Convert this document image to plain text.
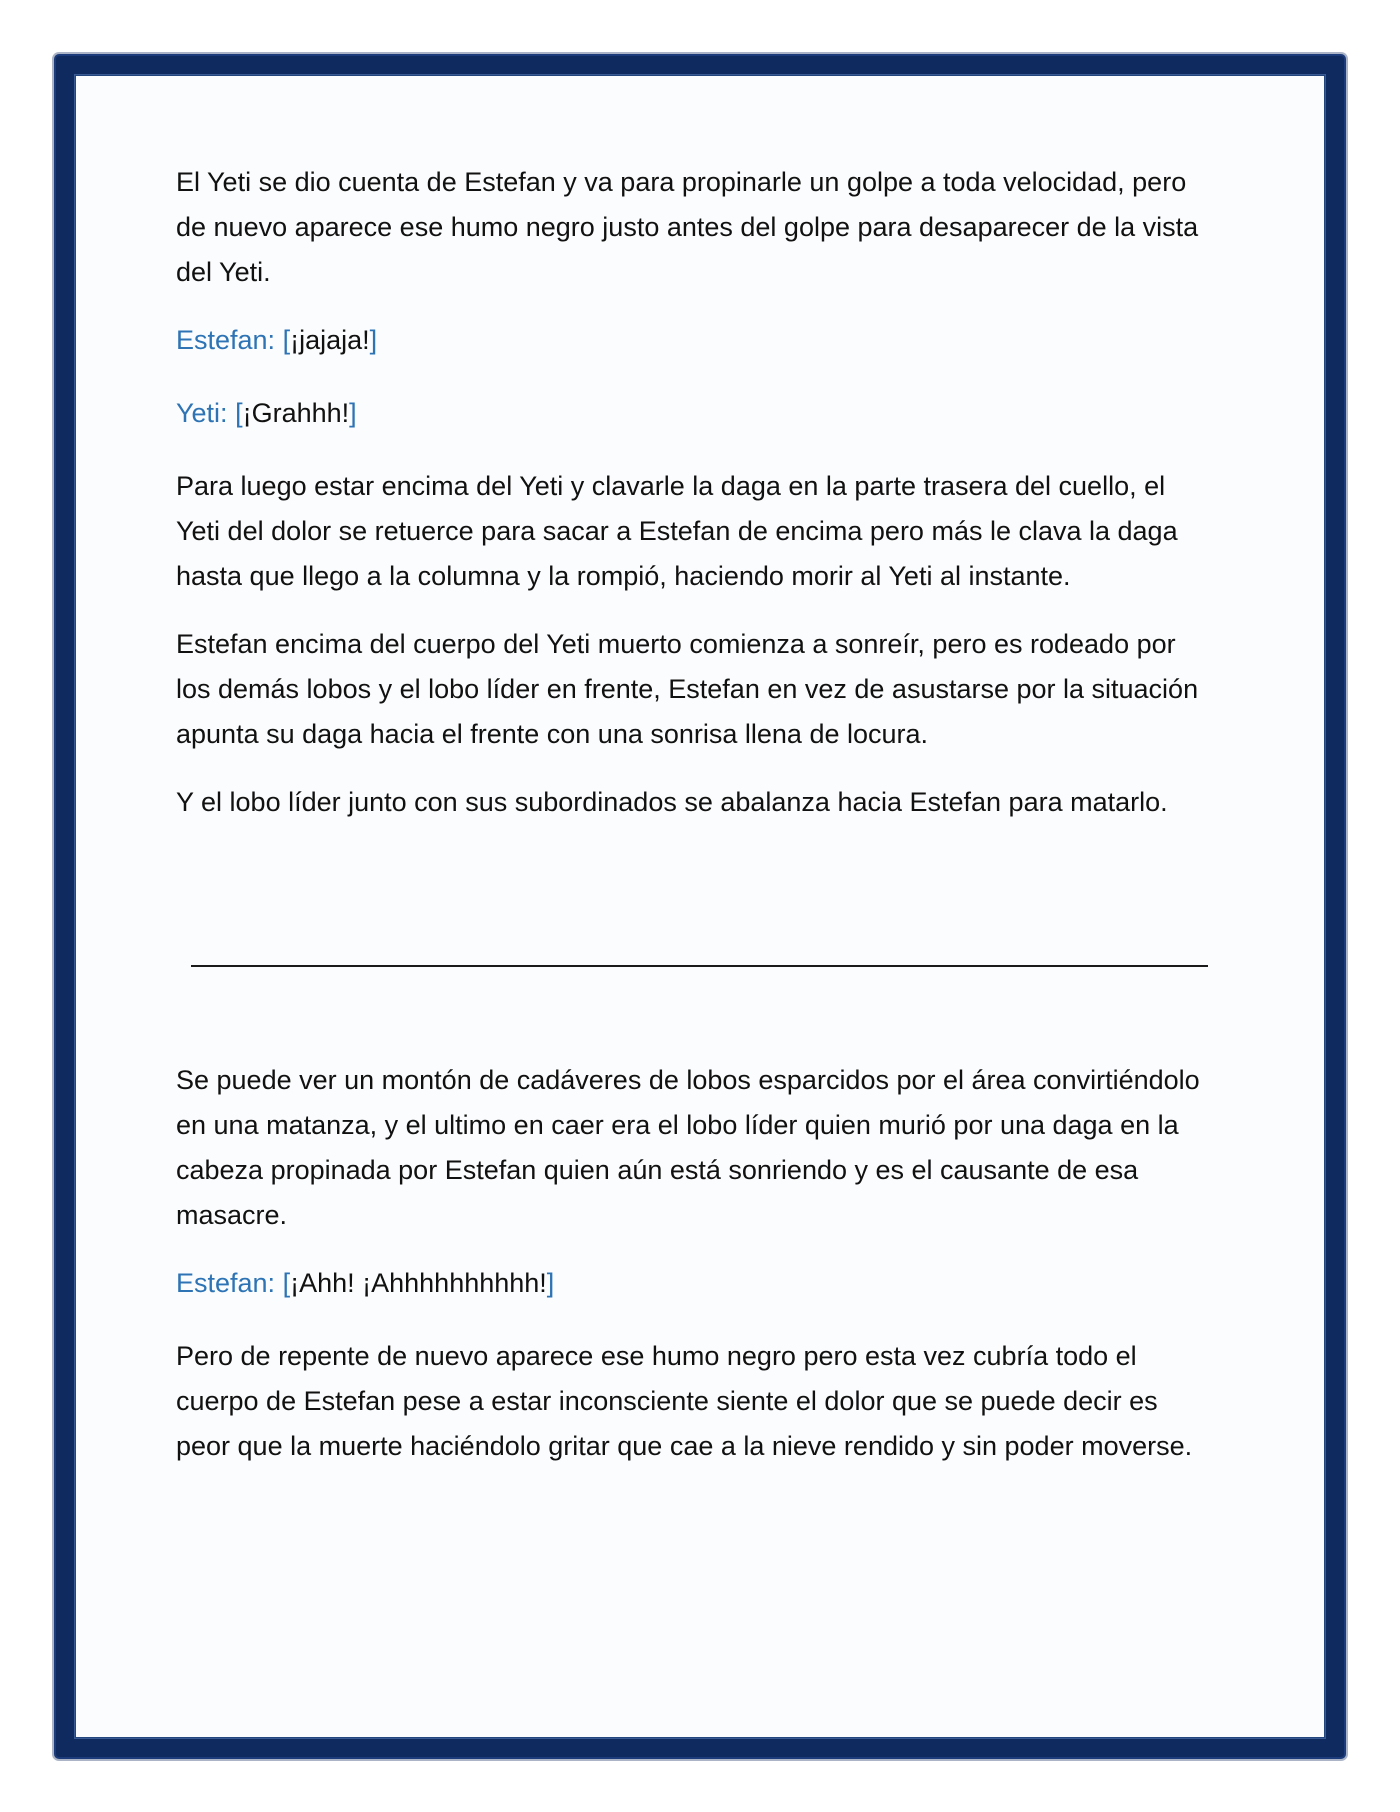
El Yeti se dio cuenta de Estefan y va para propinarle un golpe a toda velocidad, pero de nuevo aparece ese humo negro justo antes del golpe para desaparecer de la vista del Yeti.

Estefan: [¡jajaja!]

Yeti: [¡Grahhh!]

Para luego estar encima del Yeti y clavarle la daga en la parte trasera del cuello, el Yeti del dolor se retuerce para sacar a Estefan de encima pero más le clava la daga hasta que llego a la columna y la rompió, haciendo morir al Yeti al instante.

Estefan encima del cuerpo del Yeti muerto comienza a sonreír, pero es rodeado por los demás lobos y el lobo líder en frente, Estefan en vez de asustarse por la situación apunta su daga hacia el frente con una sonrisa llena de locura.

Y el lobo líder junto con sus subordinados se abalanza hacia Estefan para matarlo.

Se puede ver un montón de cadáveres de lobos esparcidos por el área convirtiéndolo en una matanza, y el ultimo en caer era el lobo líder quien murió por una daga en la cabeza propinada por Estefan quien aún está sonriendo y es el causante de esa masacre.

Estefan: [¡Ahh! ¡Ahhhhhhhhhh!]

Pero de repente de nuevo aparece ese humo negro pero esta vez cubría todo el cuerpo de Estefan pese a estar inconsciente siente el dolor que se puede decir es peor que la muerte haciéndolo gritar que cae a la nieve rendido y sin poder moverse.
